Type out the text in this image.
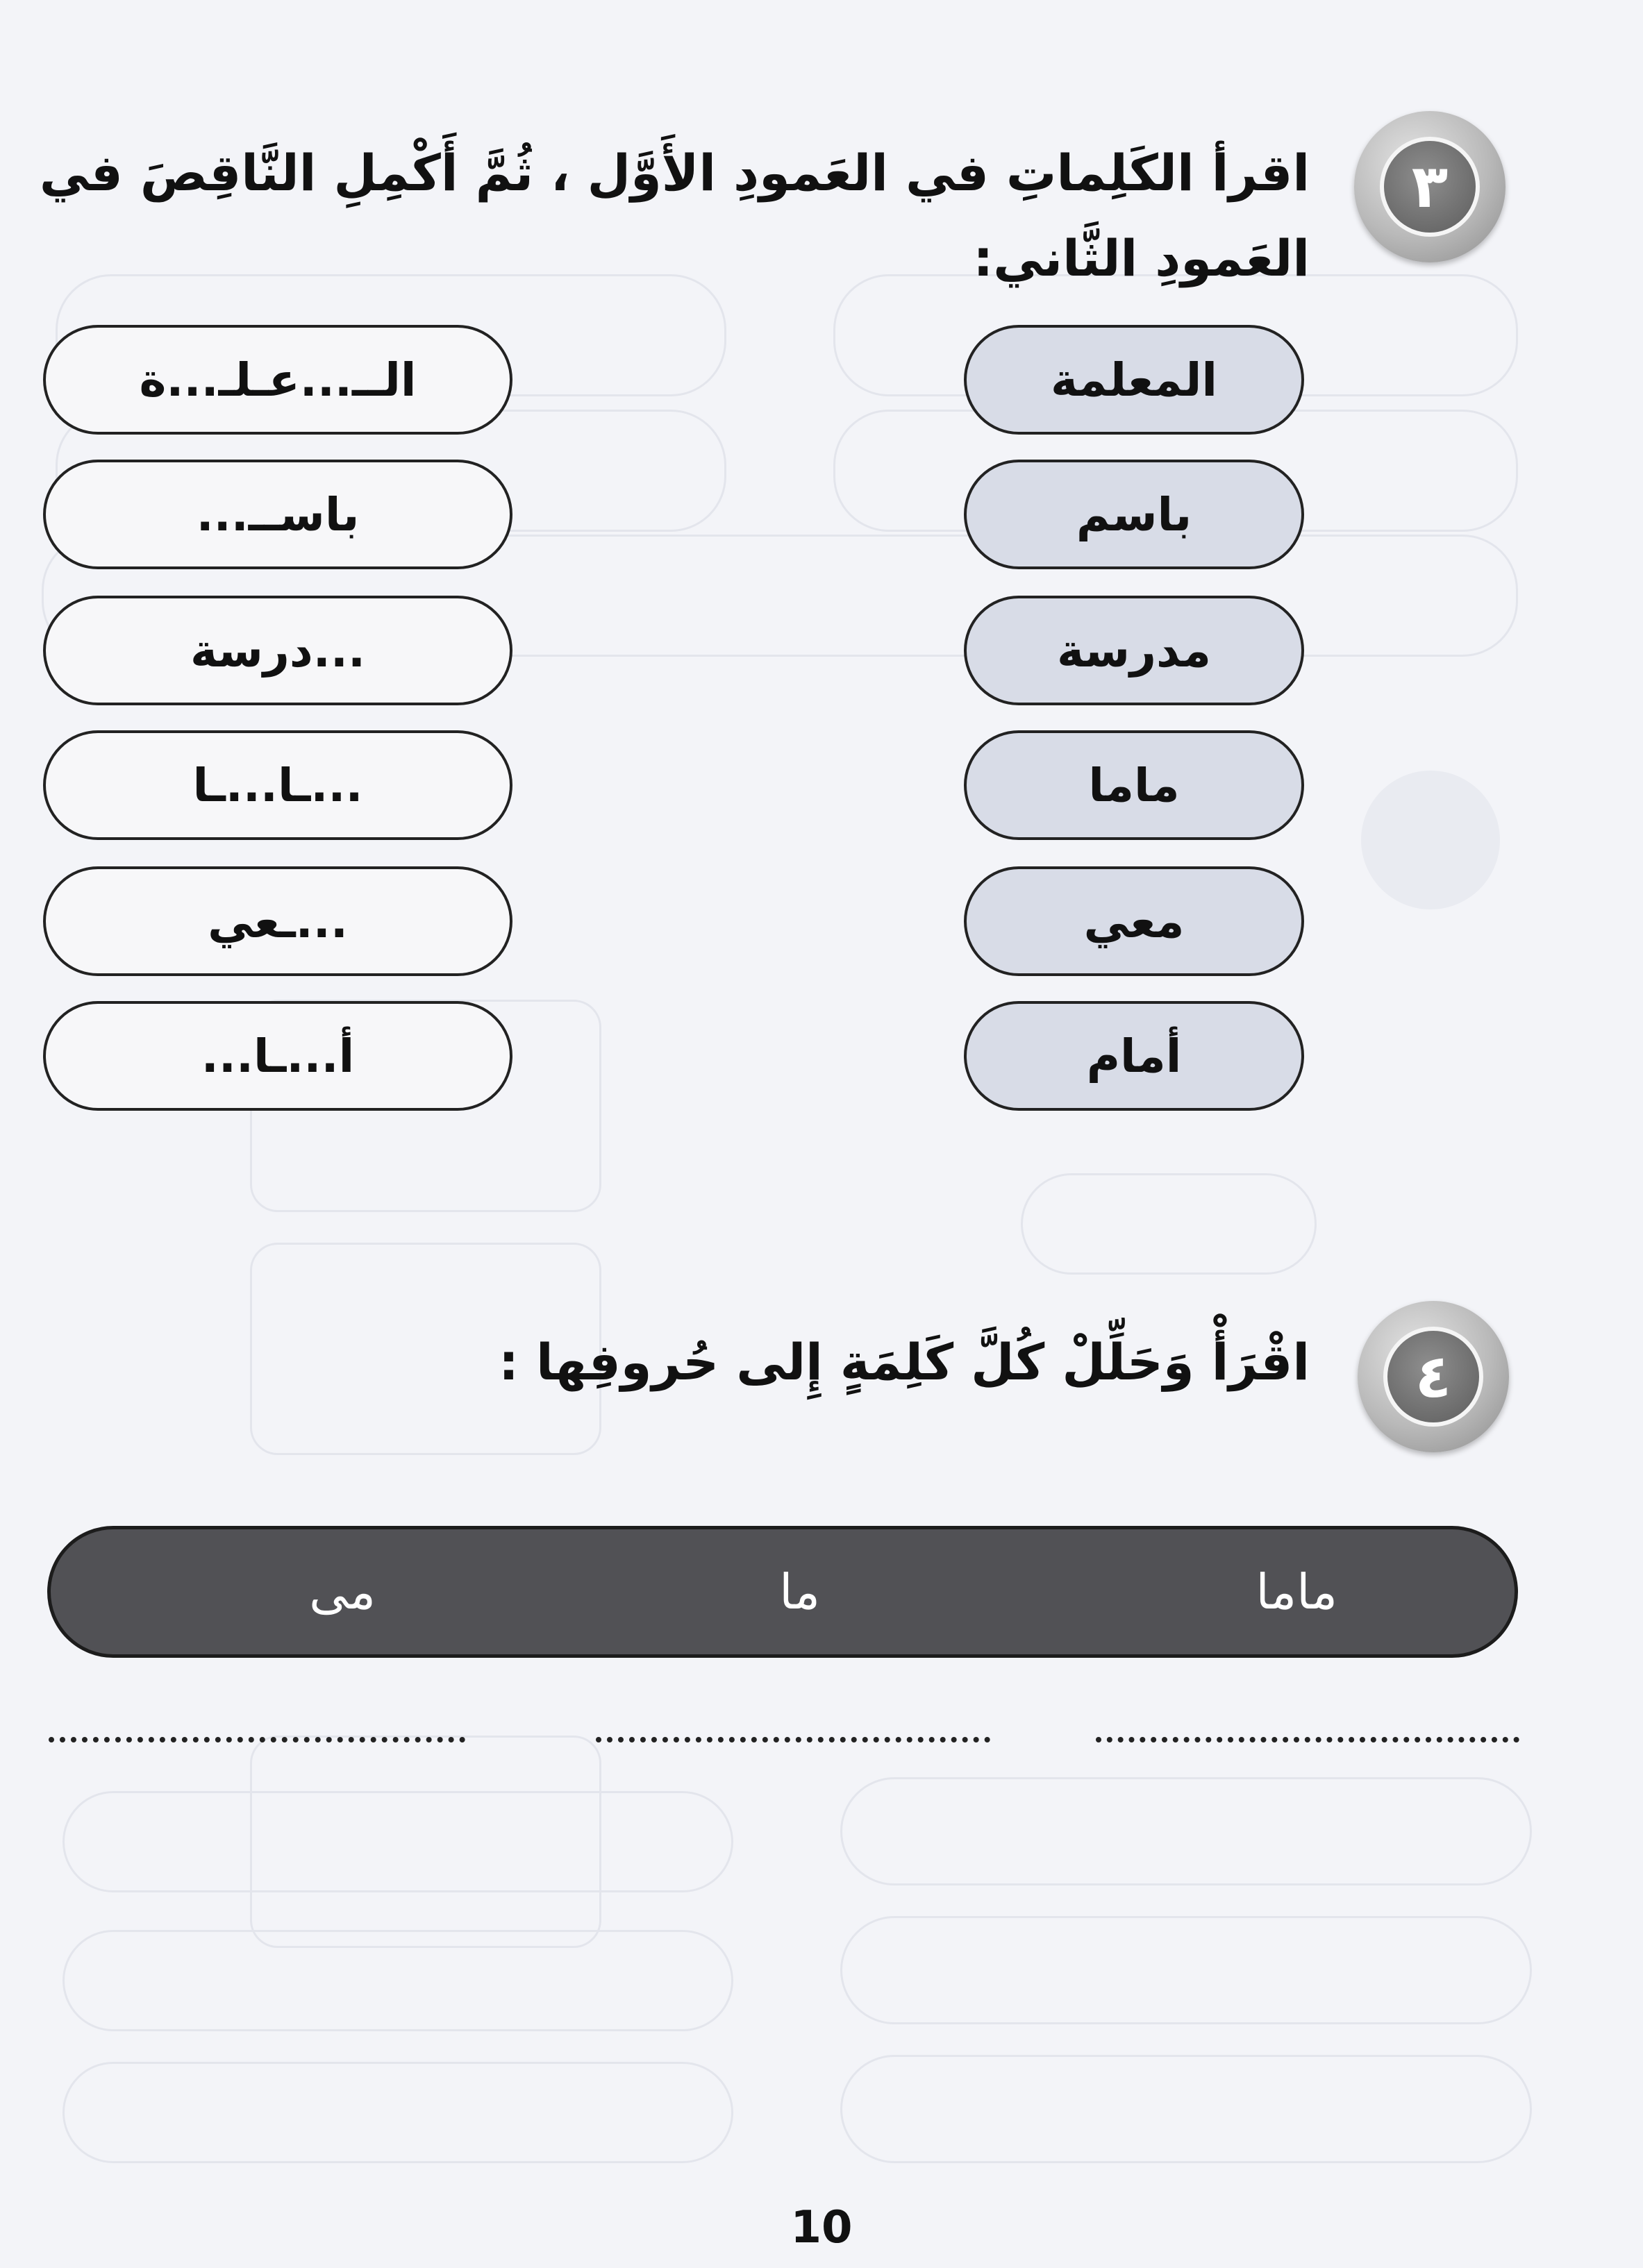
٣

اقرأ الكَلِماتِ في العَمودِ الأَوَّل ، ثُمَّ أَكْمِلِ النَّاقِصَ في

العَمودِ الثَّاني:

المعلمة
باسم
مدرسة
ماما
معي
أمام
الــ...عـلـ...ة
باســ...
...درسة
...ـا...ـا
...ـعي
أ...ـا...
٤

اقْرَأْ وَحَلِّلْ كُلَّ كَلِمَةٍ إِلى حُروفِها :

ماما
ما
مى
10
